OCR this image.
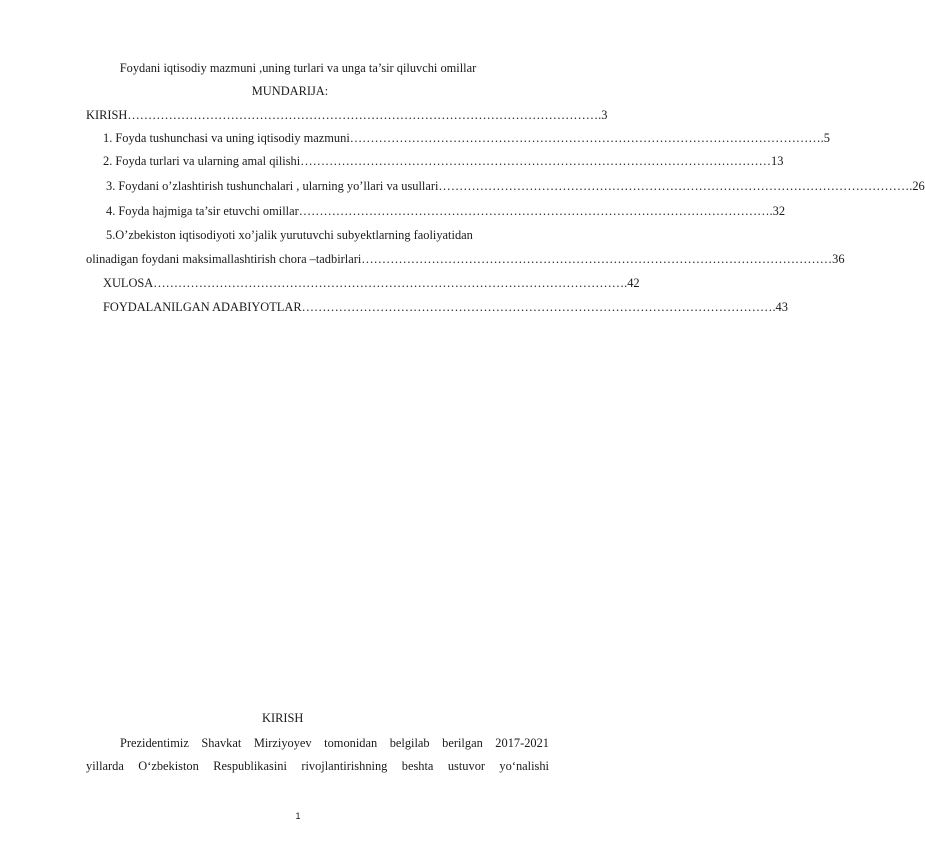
Foydani iqtisodiy mazmuni ,uning turlari va unga ta’sir qiluvchi omillar
MUNDARIJA:
KIRISH …………………………………………………………………………………………………… .3
1. Foyda tushunchasi va uning iqtisodiy mazmuni …………………………………………………………………………………………………… .5
2. Foyda turlari va ularning amal qilishi …………………………………………………………………………………………………… 13
3. Foydani o’zlashtirish tushunchalari , ularning yo’llari va usullari …………………………………………………………………………………………………… .26
4. Foyda hajmiga ta’sir etuvchi omillar …………………………………………………………………………………………………… .32
5.O’zbekiston iqtisodiyoti xo’jalik yurutuvchi subyektlarning faoliyatidan
olinadigan foydani maksimallashtirish chora –tadbirlari …………………………………………………………………………………………………… 36
XULOSA …………………………………………………………………………………………………… .42
FOYDALANILGAN ADABIYOTLAR …………………………………………………………………………………………………… .43
KIRISH
Prezidentimiz Shavkat Mirziyoyev tomonidan belgilab berilgan 2017-2021
yillarda O‘zbekiston Respublikasini rivojlantirishning beshta ustuvor yo‘nalishi
1
